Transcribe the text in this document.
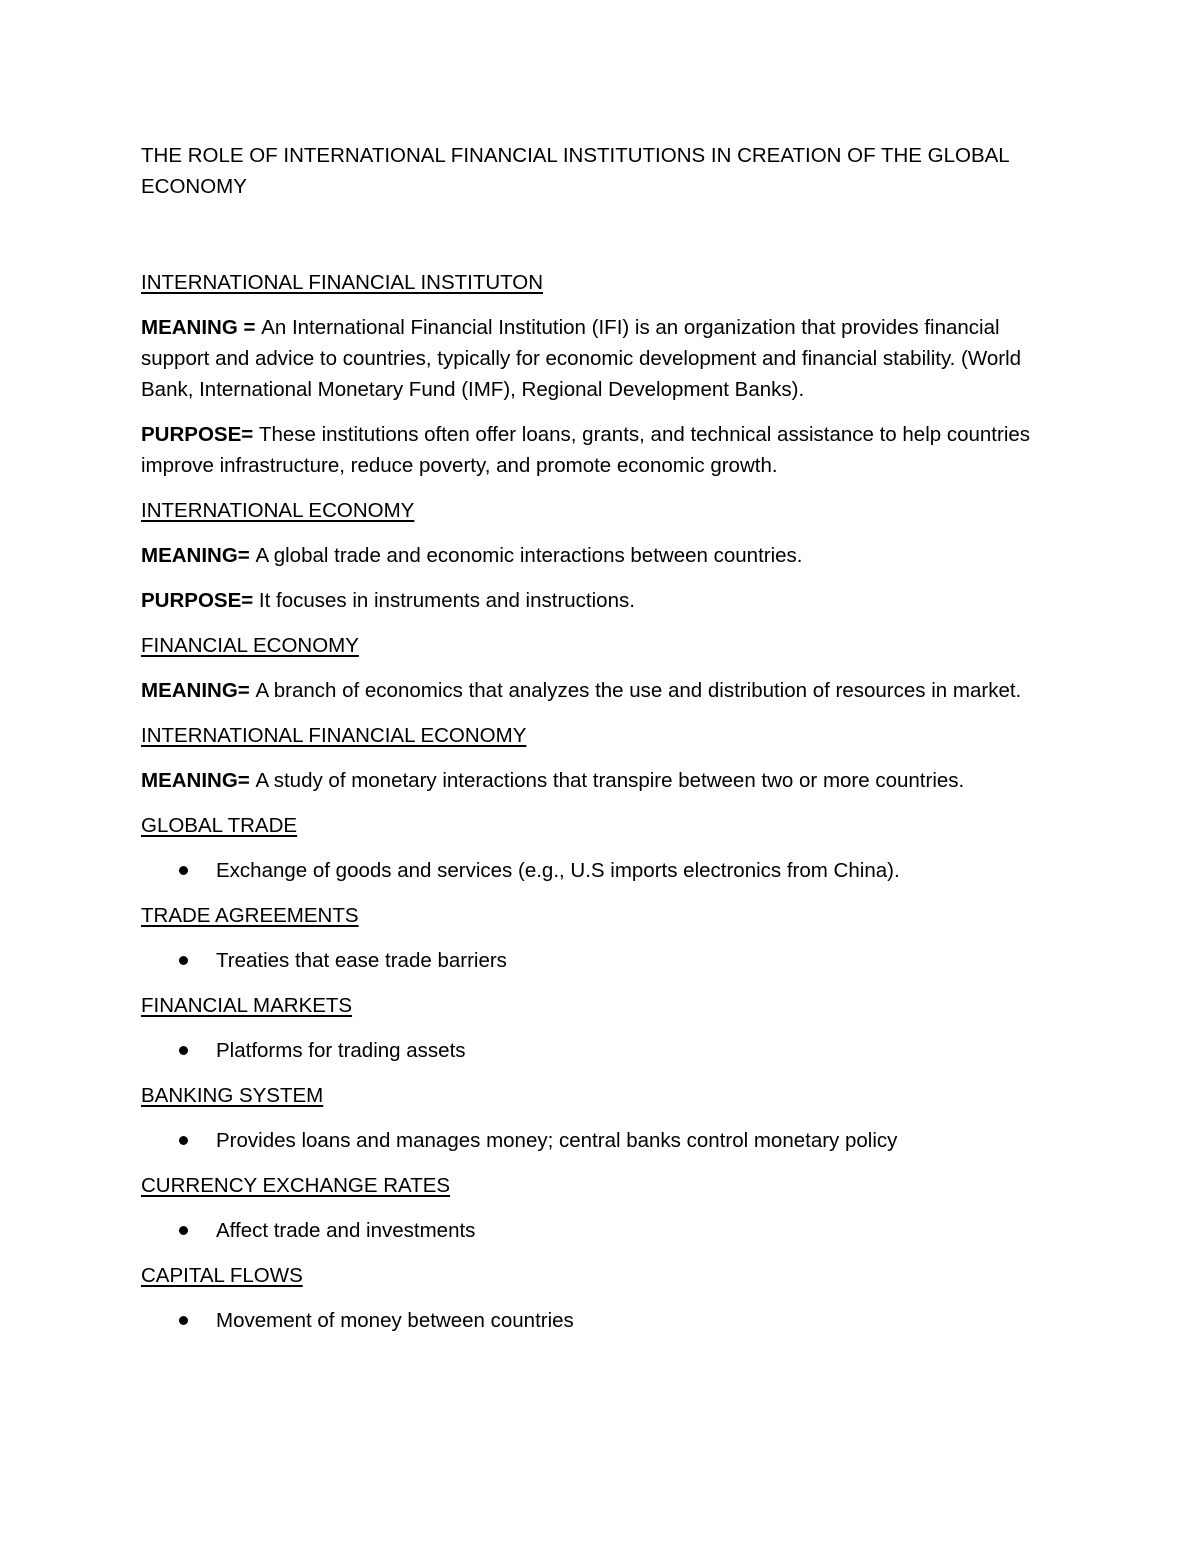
THE ROLE OF INTERNATIONAL FINANCIAL INSTITUTIONS IN CREATION OF THE GLOBAL ECONOMY
INTERNATIONAL FINANCIAL INSTITUTON

MEANING = An International Financial Institution (IFI) is an organization that provides financial support and advice to countries, typically for economic development and financial stability. (World Bank, International Monetary Fund (IMF), Regional Development Banks).

PURPOSE= These institutions often offer loans, grants, and technical assistance to help countries improve infrastructure, reduce poverty, and promote economic growth.

INTERNATIONAL ECONOMY

MEANING= A global trade and economic interactions between countries.

PURPOSE= It focuses in instruments and instructions.

FINANCIAL ECONOMY

MEANING= A branch of economics that analyzes the use and distribution of resources in market.

INTERNATIONAL FINANCIAL ECONOMY

MEANING= A study of monetary interactions that transpire between two or more countries.

GLOBAL TRADE
Exchange of goods and services (e.g., U.S imports electronics from China).
TRADE AGREEMENTS
Treaties that ease trade barriers
FINANCIAL MARKETS
Platforms for trading assets
BANKING SYSTEM
Provides loans and manages money; central banks control monetary policy
CURRENCY EXCHANGE RATES
Affect trade and investments
CAPITAL FLOWS
Movement of money between countries
